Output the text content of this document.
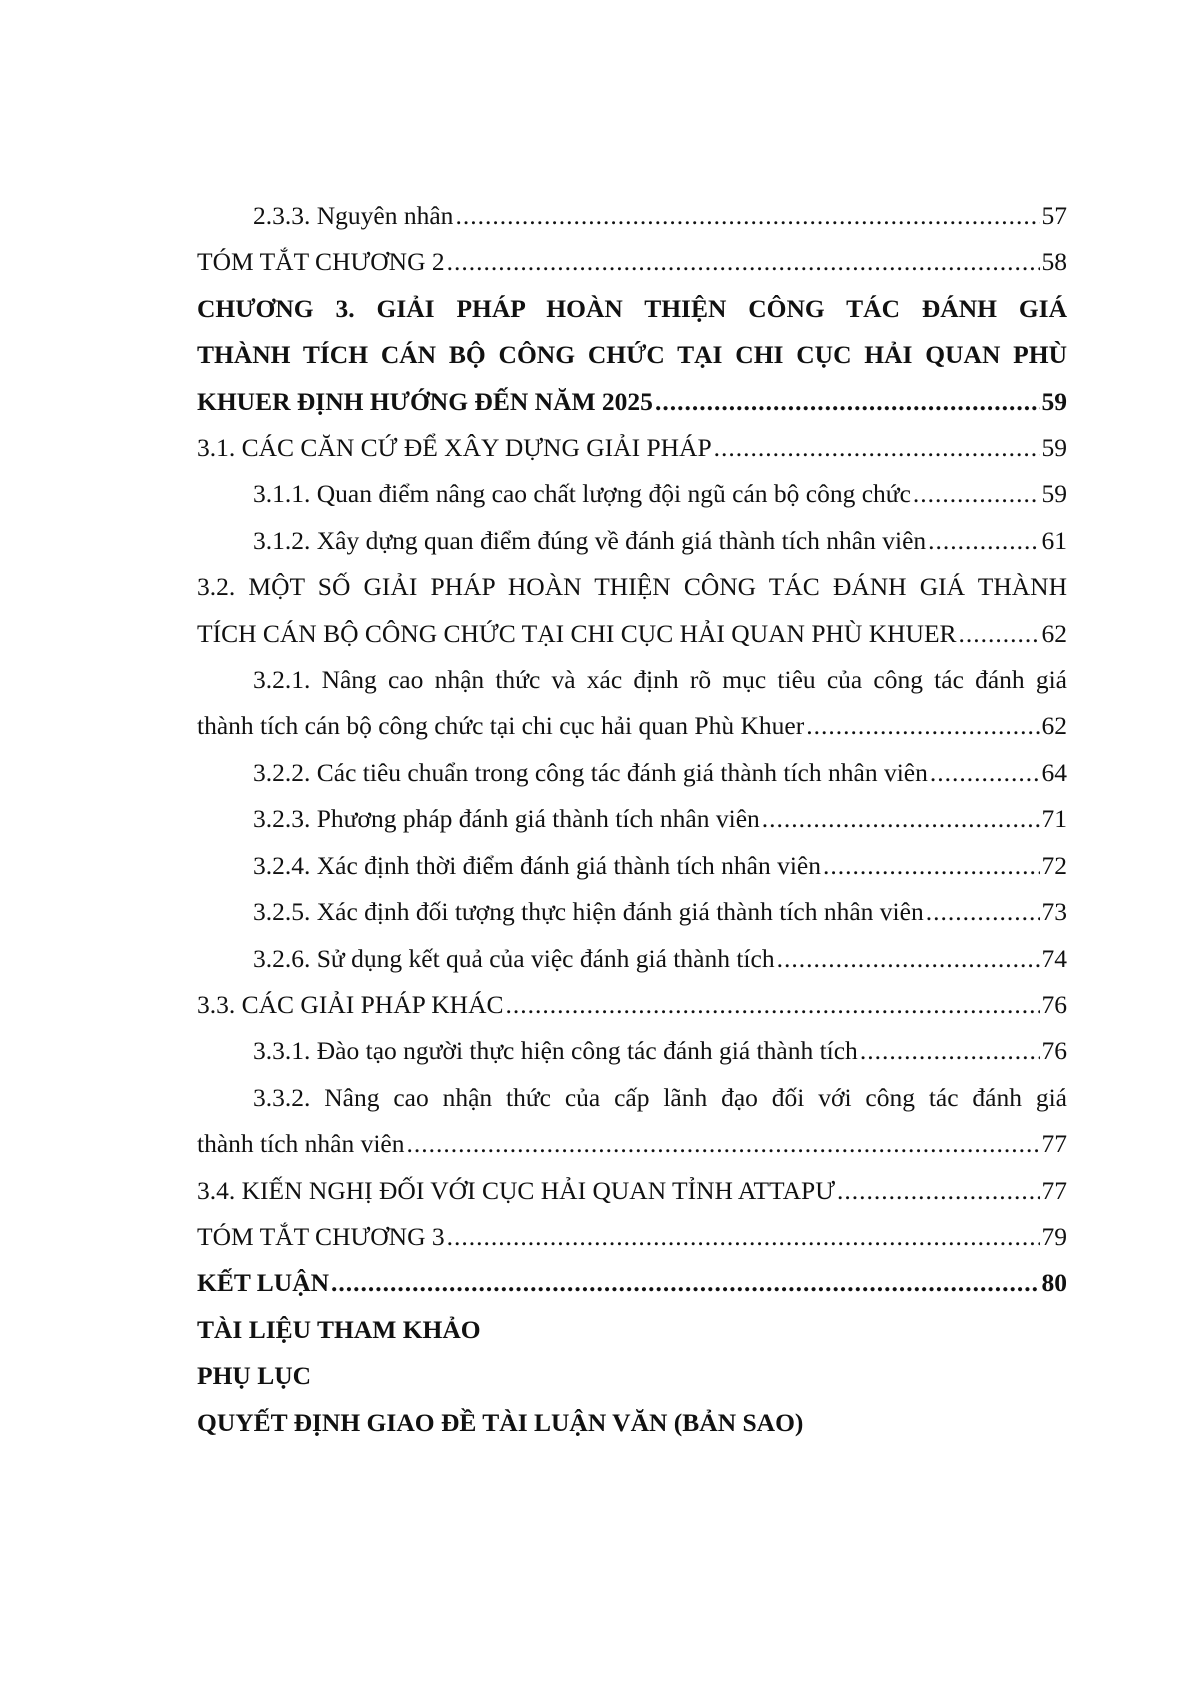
2.3.3. Nguyên nhân .....	57
TÓM TẮT CHƯƠNG 2 .....	58
CHƯƠNG 3. GIẢI PHÁP HOÀN THIỆN CÔNG TÁC ĐÁNH GIÁ
THÀNH TÍCH CÁN BỘ CÔNG CHỨC TẠI CHI CỤC HẢI QUAN PHÙ
KHUER ĐỊNH HƯỚNG ĐẾN NĂM 2025 .....	59
3.1. CÁC CĂN CỨ ĐỂ XÂY DỰNG GIẢI PHÁP .....	59
3.1.1. Quan điểm nâng cao chất lượng đội ngũ cán bộ công chức .....	59
3.1.2. Xây dựng quan điểm đúng về đánh giá thành tích nhân viên .....	61
3.2. MỘT SỐ GIẢI PHÁP HOÀN THIỆN CÔNG TÁC ĐÁNH GIÁ THÀNH
TÍCH CÁN BỘ CÔNG CHỨC TẠI CHI CỤC HẢI QUAN PHÙ KHUER .....	62
3.2.1. Nâng cao nhận thức và xác định rõ mục tiêu của công tác đánh giá
thành tích cán bộ công chức tại chi cục hải quan Phù Khuer .....	62
3.2.2. Các tiêu chuẩn trong công tác đánh giá thành tích nhân viên .....	64
3.2.3. Phương pháp đánh giá thành tích nhân viên .....	71
3.2.4. Xác định thời điểm đánh giá thành tích nhân viên .....	72
3.2.5. Xác định đối tượng thực hiện đánh giá thành tích nhân viên .....	73
3.2.6. Sử dụng kết quả của việc đánh giá thành tích .....	74
3.3. CÁC GIẢI PHÁP KHÁC .....	76
3.3.1. Đào tạo người thực hiện công tác đánh giá thành tích .....	76
3.3.2. Nâng cao nhận thức của cấp lãnh đạo đối với công tác đánh giá
thành tích nhân viên .....	77
3.4. KIẾN NGHỊ ĐỐI VỚI CỤC HẢI QUAN TỈNH ATTAPƯ .....	77
TÓM TẮT CHƯƠNG 3 .....	79
KẾT LUẬN .....	80
TÀI LIỆU THAM KHẢO
PHỤ LỤC
QUYẾT ĐỊNH GIAO ĐỀ TÀI LUẬN VĂN (BẢN SAO)
